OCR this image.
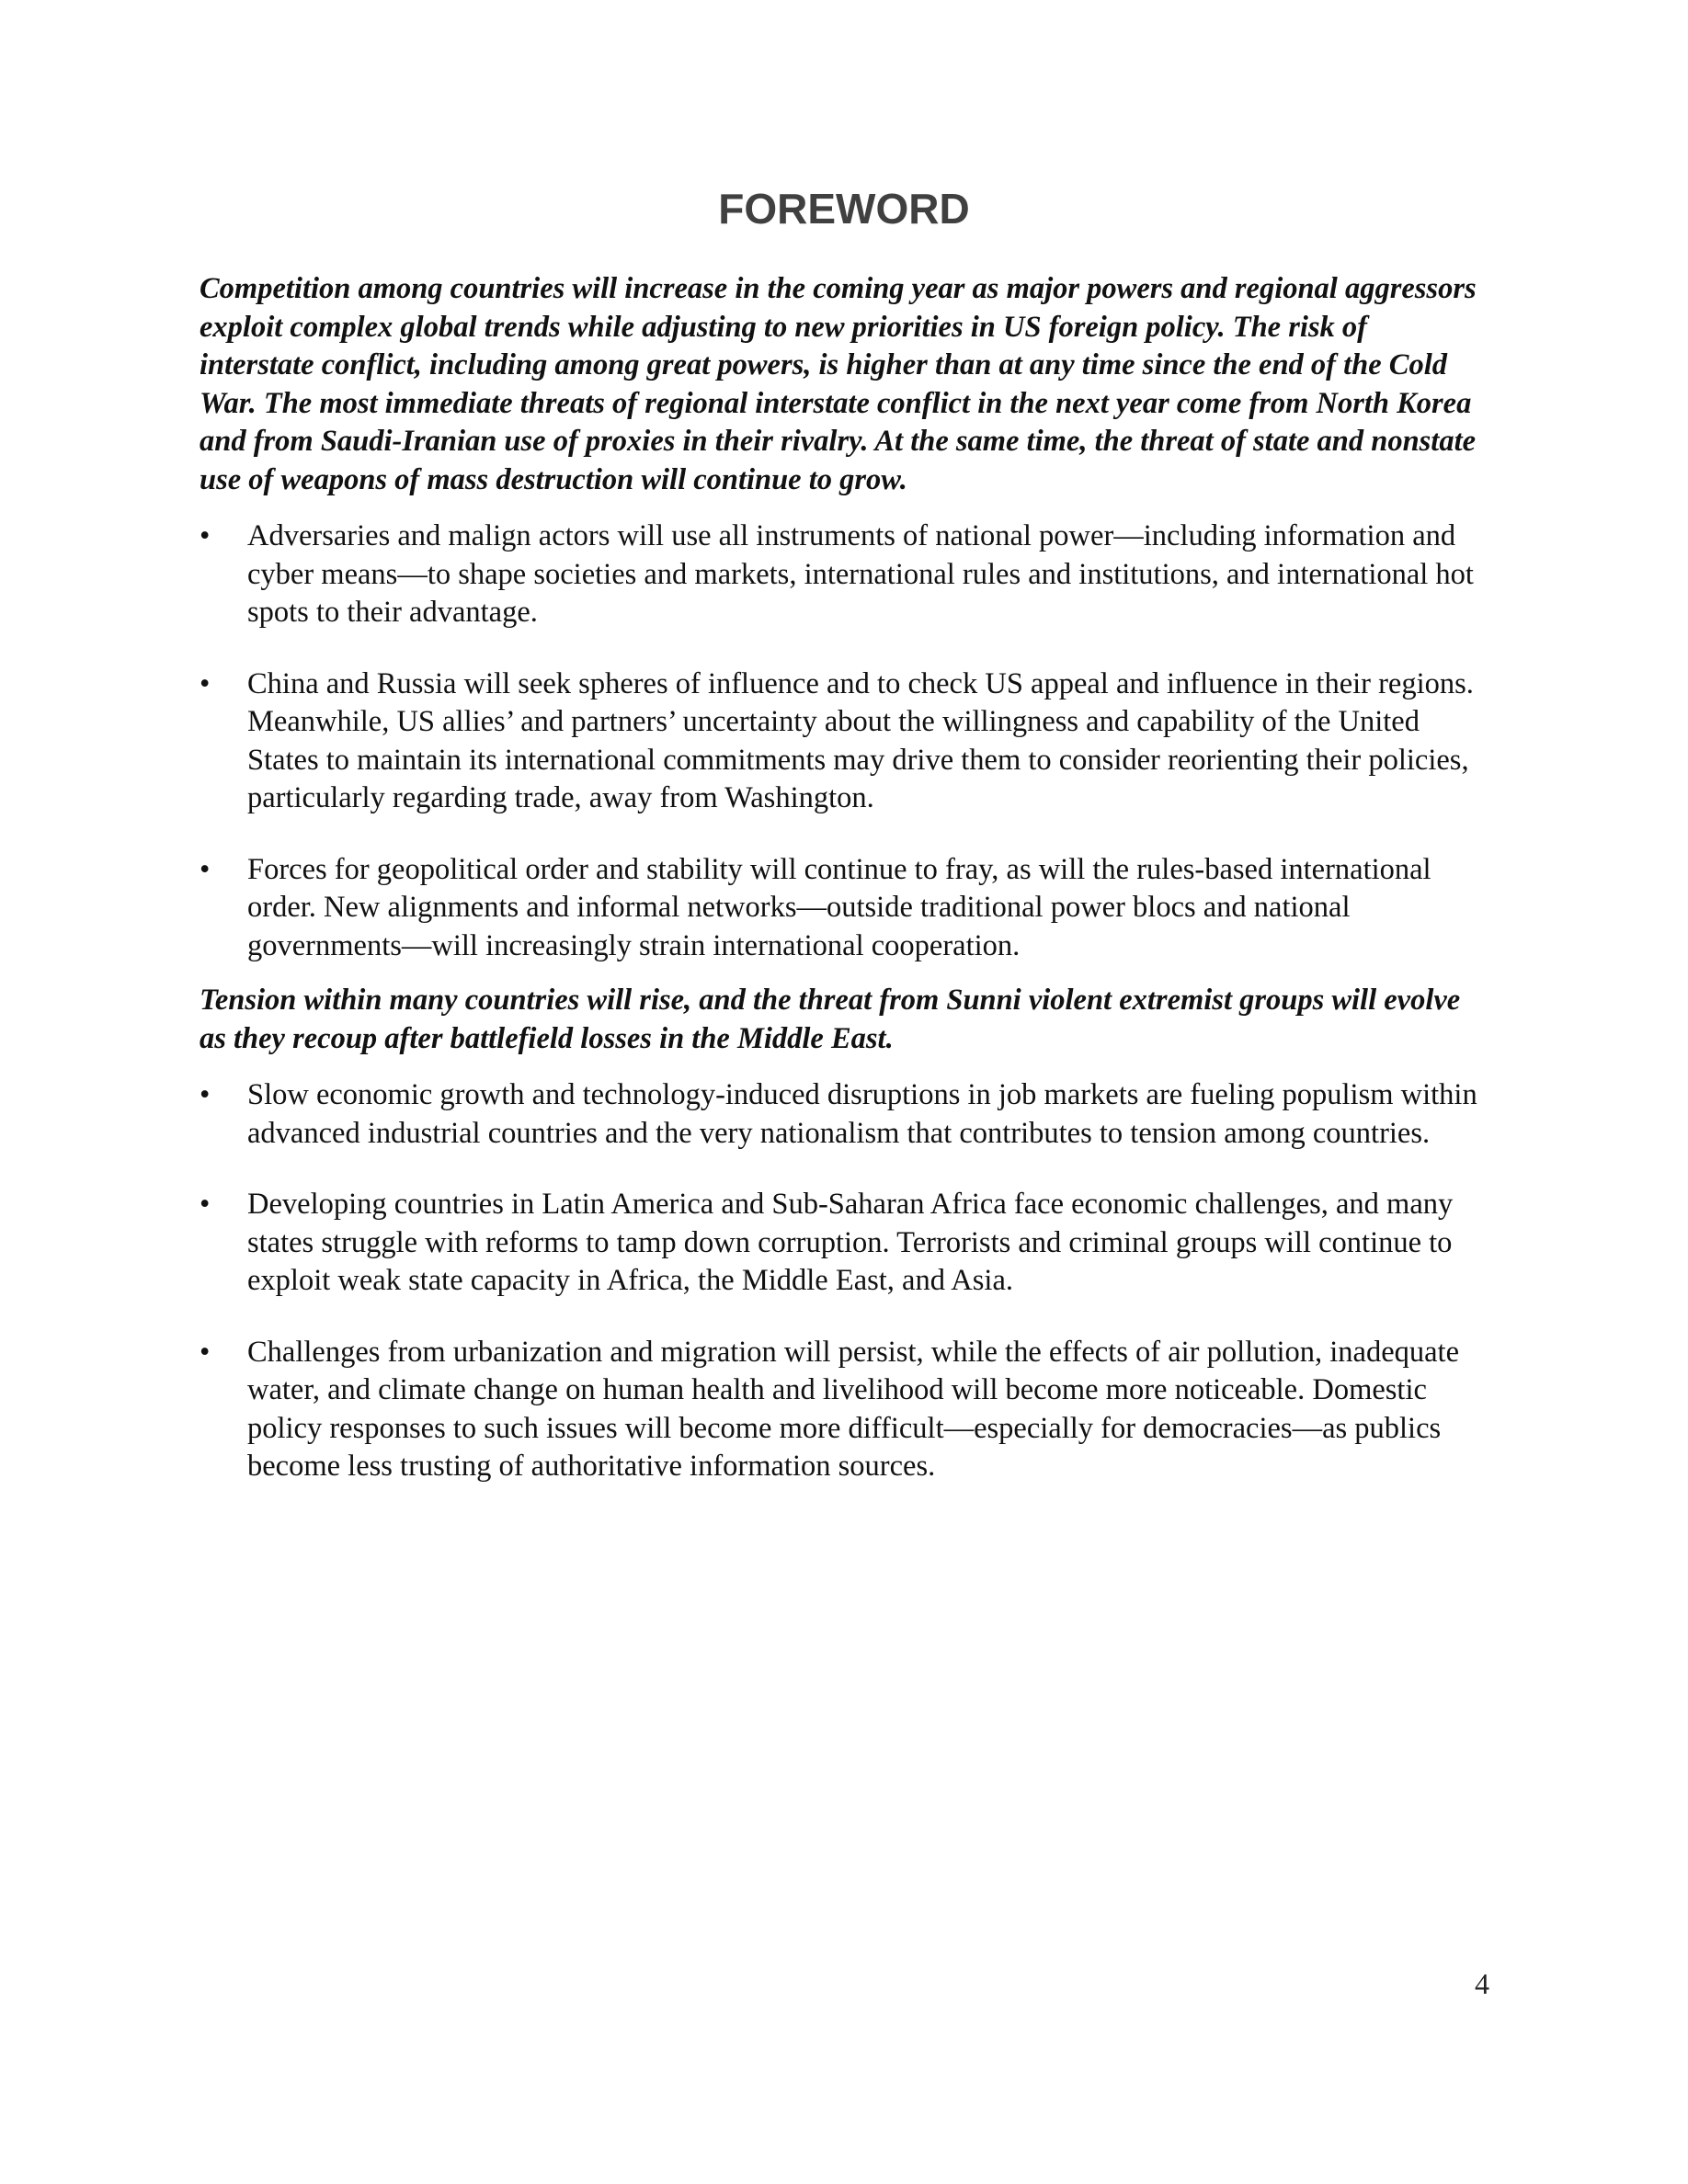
FOREWORD

Competition among countries will increase in the coming year as major powers and regional aggressors exploit complex global trends while adjusting to new priorities in US foreign policy. The risk of interstate conflict, including among great powers, is higher than at any time since the end of the Cold War. The most immediate threats of regional interstate conflict in the next year come from North Korea and from Saudi-Iranian use of proxies in their rivalry. At the same time, the threat of state and nonstate use of weapons of mass destruction will continue to grow.

• Adversaries and malign actors will use all instruments of national power—including information and cyber means—to shape societies and markets, international rules and institutions, and international hot spots to their advantage.
• China and Russia will seek spheres of influence and to check US appeal and influence in their regions. Meanwhile, US allies’ and partners’ uncertainty about the willingness and capability of the United States to maintain its international commitments may drive them to consider reorienting their policies, particularly regarding trade, away from Washington.
• Forces for geopolitical order and stability will continue to fray, as will the rules-based international order. New alignments and informal networks—outside traditional power blocs and national governments—will increasingly strain international cooperation.

Tension within many countries will rise, and the threat from Sunni violent extremist groups will evolve as they recoup after battlefield losses in the Middle East.

• Slow economic growth and technology-induced disruptions in job markets are fueling populism within advanced industrial countries and the very nationalism that contributes to tension among countries.
• Developing countries in Latin America and Sub-Saharan Africa face economic challenges, and many states struggle with reforms to tamp down corruption. Terrorists and criminal groups will continue to exploit weak state capacity in Africa, the Middle East, and Asia.
• Challenges from urbanization and migration will persist, while the effects of air pollution, inadequate water, and climate change on human health and livelihood will become more noticeable. Domestic policy responses to such issues will become more difficult—especially for democracies—as publics become less trusting of authoritative information sources.
4
